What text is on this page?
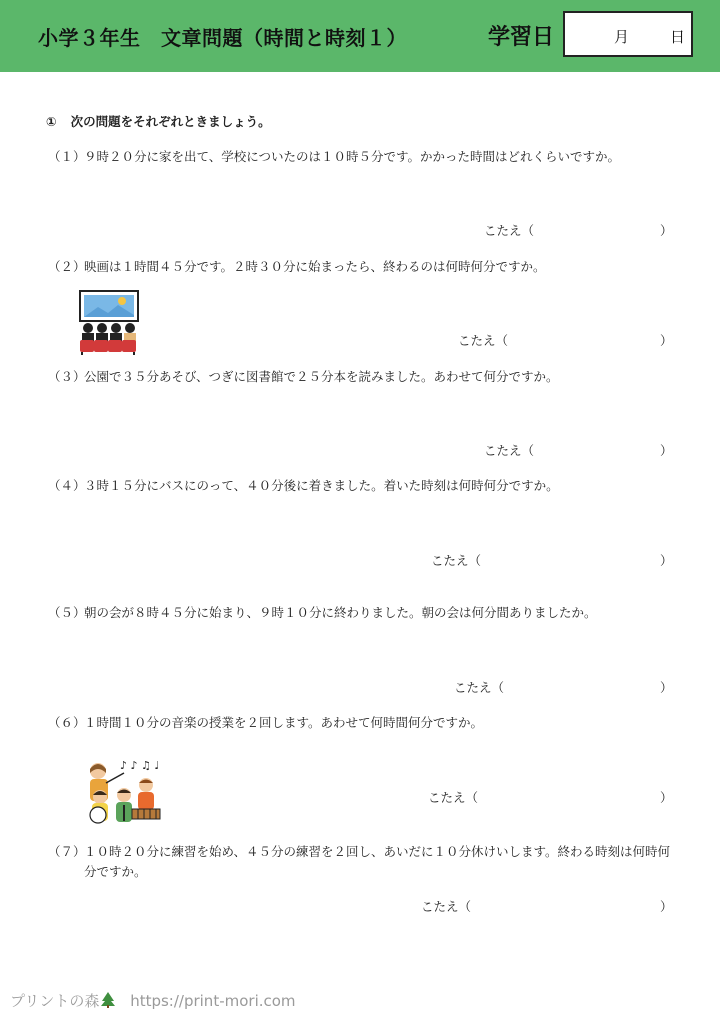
小学３年生　文章問題（時間と時刻１）	学習日	月	日
① 次の問題をそれぞれときましょう。
（１）９時２０分に家を出て、学校についたのは１０時５分です。かかった時間はどれくらいですか。
こたえ（	）
（２）映画は１時間４５分です。２時３０分に始まったら、終わるのは何時何分ですか。
こたえ（	）
（３）公園で３５分あそび、つぎに図書館で２５分本を読みました。あわせて何分ですか。
こたえ（	）
（４）３時１５分にバスにのって、４０分後に着きました。着いた時刻は何時何分ですか。
こたえ（	）
（５）朝の会が８時４５分に始まり、９時１０分に終わりました。朝の会は何分間ありましたか。
こたえ（	）
（６）１時間１０分の音楽の授業を２回します。あわせて何時間何分ですか。
♪ ♪ ♫ ♩
こたえ（	）
（７）１０時２０分に練習を始め、４５分の練習を２回し、あいだに１０分休けいします。終わる時刻は何時何分ですか。
こたえ（	）
プリントの森 https://print-mori.com
